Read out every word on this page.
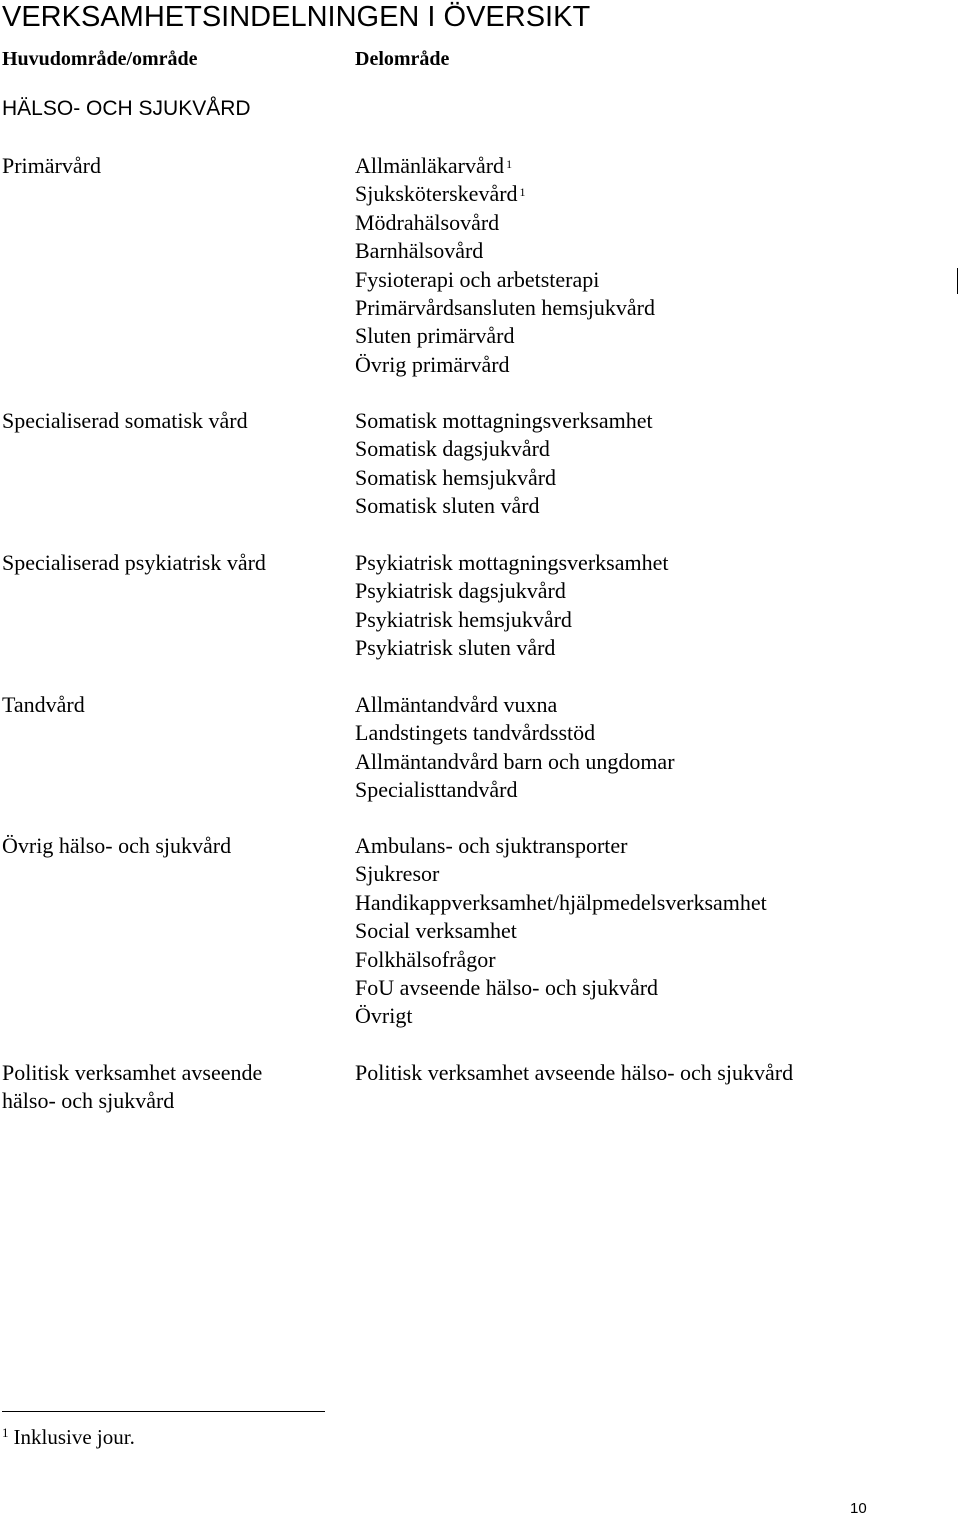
VERKSAMHETSINDELNINGEN I ÖVERSIKT
Huvudområde/område	Delområde
HÄLSO- OCH SJUKVÅRD
Primärvård	Allmänläkarvård $^1$
Sjuksköterskevård $^1$
Mödrahälsovård
Barnhälsovård
Fysioterapi och arbetsterapi
Primärvårdsansluten hemsjukvård
Sluten primärvård
Övrig primärvård
Specialiserad somatisk vård	Somatisk mottagningsverksamhet
Somatisk dagsjukvård
Somatisk hemsjukvård
Somatisk sluten vård
Specialiserad psykiatrisk vård	Psykiatrisk mottagningsverksamhet
Psykiatrisk dagsjukvård
Psykiatrisk hemsjukvård
Psykiatrisk sluten vård
Tandvård	Allmäntandvård vuxna
Landstingets tandvårdsstöd
Allmäntandvård barn och ungdomar
Specialisttandvård
Övrig hälso- och sjukvård	Ambulans- och sjuktransporter
Sjukresor
Handikappverksamhet/hjälpmedelsverksamhet
Social verksamhet
Folkhälsofrågor
FoU avseende hälso- och sjukvård
Övrigt
Politisk verksamhet avseende hälso- och sjukvård
Politisk verksamhet avseende hälso- och sjukvård
$^1$ Inklusive jour.
10
